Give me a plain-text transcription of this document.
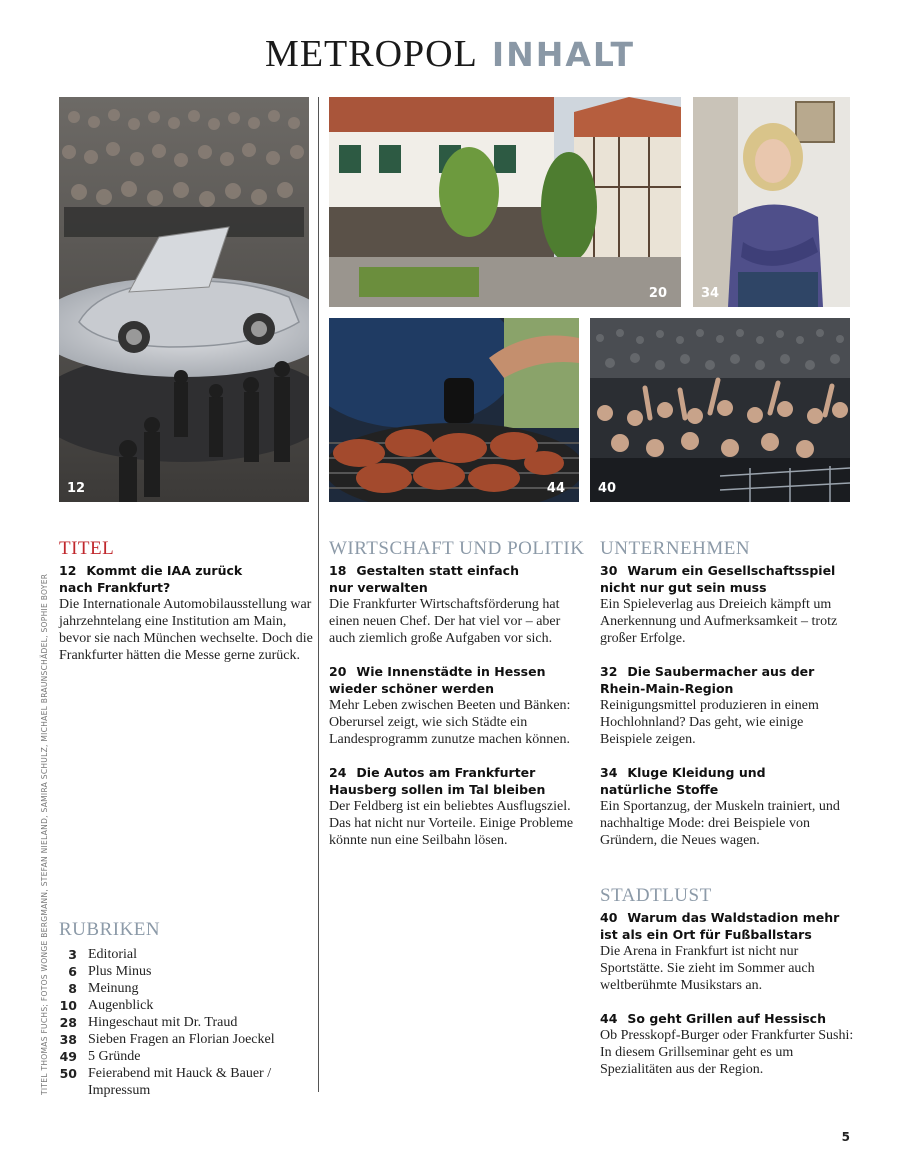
METROPOL INHALT
12
20	34
44	40
TITEL
12 Kommt die IAA zurück
nach Frankfurt?
Die Internationale Automobilausstellung war jahrzehntelang eine Institution am Main, bevor sie nach München wechselte. Doch die Frankfurter hätten die Messe gerne zurück.
WIRTSCHAFT UND POLITIK
18 Gestalten statt einfach
nur verwalten
Die Frankfurter Wirtschaftsförderung hat einen neuen Chef. Der hat viel vor – aber auch ziemlich große Aufgaben vor sich.
20 Wie Innenstädte in Hessen
wieder schöner werden
Mehr Leben zwischen Beeten und Bänken: Oberursel zeigt, wie sich Städte ein Landesprogramm zunutze machen können.
24 Die Autos am Frankfurter
Hausberg sollen im Tal bleiben
Der Feldberg ist ein beliebtes Ausflugsziel. Das hat nicht nur Vorteile. Einige Probleme könnte nun eine Seilbahn lösen.
UNTERNEHMEN
30 Warum ein Gesellschaftsspiel
nicht nur gut sein muss
Ein Spieleverlag aus Dreieich kämpft um Anerkennung und Aufmerksamkeit – trotz großer Erfolge.
32 Die Saubermacher aus der
Rhein-Main-Region
Reinigungsmittel produzieren in einem Hochlohnland? Das geht, wie einige Beispiele zeigen.
34 Kluge Kleidung und
natürliche Stoffe
Ein Sportanzug, der Muskeln trainiert, und nachhaltige Mode: drei Beispiele von Gründern, die Neues wagen.
STADTLUST
40 Warum das Waldstadion mehr
ist als ein Ort für Fußballstars
Die Arena in Frankfurt ist nicht nur Sportstätte. Sie zieht im Sommer auch weltberühmte Musikstars an.
44 So geht Grillen auf Hessisch
Ob Presskopf-Burger oder Frankfurter Sushi: In diesem Grillseminar geht es um Spezialitäten aus der Region.
RUBRIKEN
3 Editorial
6 Plus Minus
8 Meinung
10 Augenblick
28 Hingeschaut mit Dr. Traud
38 Sieben Fragen an Florian Joeckel
49 5 Gründe
50 Feierabend mit Hauck & Bauer /
Impressum
TITEL THOMAS FUCHS; FOTOS WONGE BERGMANN, STEFAN NIELAND, SAMIRA SCHULZ, MICHAEL BRAUNSCHÄDEL, SOPHIE BOYER
5
